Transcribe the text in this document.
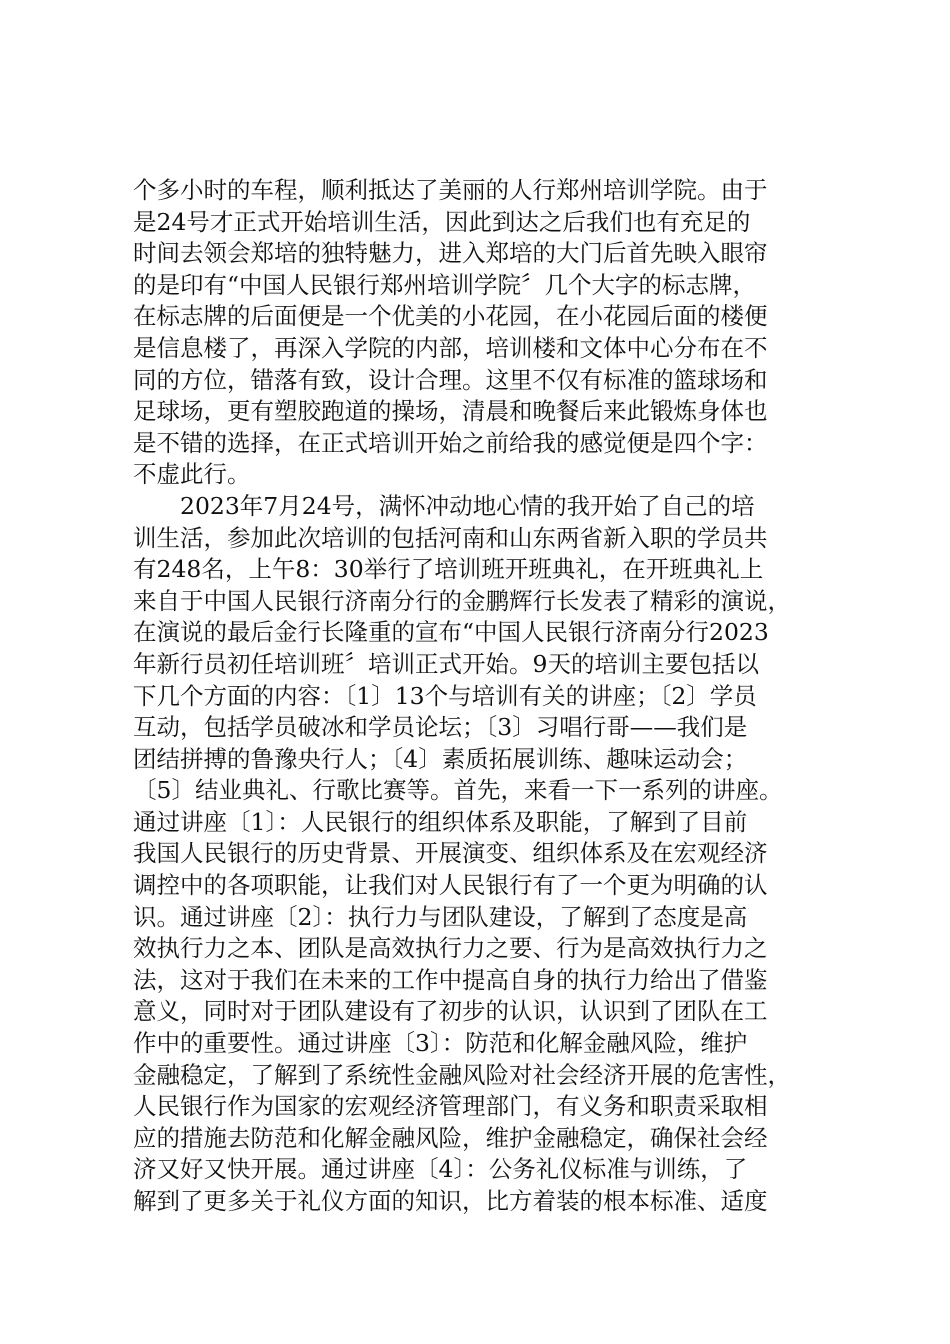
个多小时的车程，顺利抵达了美丽的人行郑州培训学院。由于
是24号才正式开始培训生活，因此到达之后我们也有充足的
时间去领会郑培的独特魅力，进入郑培的大门后首先映入眼帘
的是印有“中国人民银行郑州培训学院〞几个大字的标志牌，
在标志牌的后面便是一个优美的小花园，在小花园后面的楼便
是信息楼了，再深入学院的内部，培训楼和文体中心分布在不
同的方位，错落有致，设计合理。这里不仅有标准的篮球场和
足球场，更有塑胶跑道的操场，清晨和晚餐后来此锻炼身体也
是不错的选择，在正式培训开始之前给我的感觉便是四个字：
不虚此行。
2023年7月24号，满怀冲动地心情的我开始了自己的培
训生活，参加此次培训的包括河南和山东两省新入职的学员共
有248名，上午8：30举行了培训班开班典礼，在开班典礼上
来自于中国人民银行济南分行的金鹏辉行长发表了精彩的演说，
在演说的最后金行长隆重的宣布“中国人民银行济南分行2023
年新行员初任培训班〞培训正式开始。9天的培训主要包括以
下几个方面的内容：〔1〕13个与培训有关的讲座；〔2〕学员
互动，包括学员破冰和学员论坛；〔3〕习唱行哥——我们是
团结拼搏的鲁豫央行人；〔4〕素质拓展训练、趣味运动会；
〔5〕结业典礼、行歌比赛等。首先，来看一下一系列的讲座。
通过讲座〔1〕：人民银行的组织体系及职能，了解到了目前
我国人民银行的历史背景、开展演变、组织体系及在宏观经济
调控中的各项职能，让我们对人民银行有了一个更为明确的认
识。通过讲座〔2〕：执行力与团队建设，了解到了态度是高
效执行力之本、团队是高效执行力之要、行为是高效执行力之
法，这对于我们在未来的工作中提高自身的执行力给出了借鉴
意义，同时对于团队建设有了初步的认识，认识到了团队在工
作中的重要性。通过讲座〔3〕：防范和化解金融风险，维护
金融稳定，了解到了系统性金融风险对社会经济开展的危害性，
人民银行作为国家的宏观经济管理部门，有义务和职责采取相
应的措施去防范和化解金融风险，维护金融稳定，确保社会经
济又好又快开展。通过讲座〔4〕：公务礼仪标准与训练，了
解到了更多关于礼仪方面的知识，比方着装的根本标准、适度
